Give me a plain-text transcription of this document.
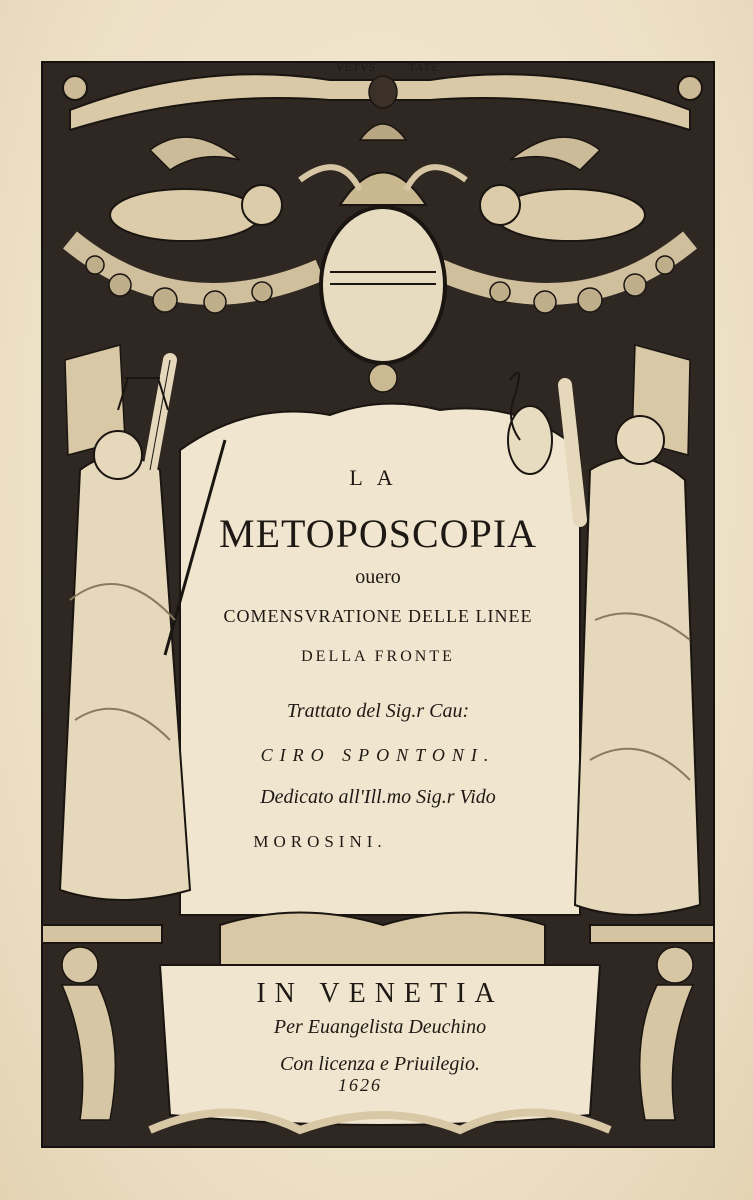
VETVS	TATE
LA
METOPOSCOPIA
ouero
COMENSVRATIONE DELLE LINEE
DELLA FRONTE
Trattato del Sig.r Cau:
CIRO SPONTONI.
Dedicato all'Ill.mo Sig.r Vido
MOROSINI.
IN VENETIA
Per Euangelista Deuchino
Con licenza e Priuilegio.
1626
